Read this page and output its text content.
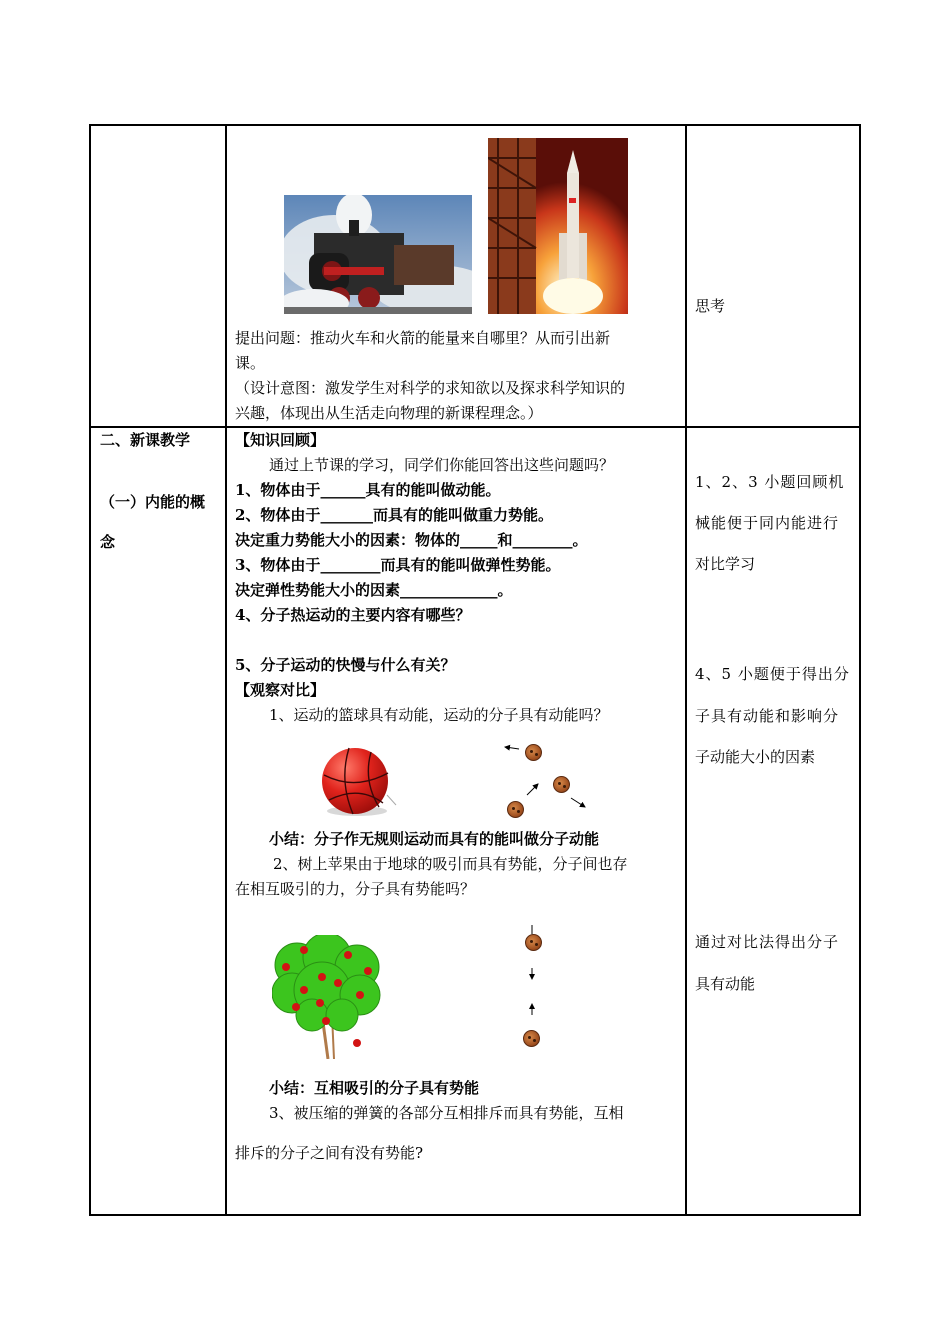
提出问题：推动火车和火箭的能量来自哪里？从而引出新
课。
（设计意图：激发学生对科学的求知欲以及探求科学知识的
兴趣，体现出从生活走向物理的新课程理念。）
思考
二、新课教学
（一）内能的概
念
【知识回顾】
通过上节课的学习，同学们你能回答出这些问题吗？
1、物体由于______具有的能叫做动能。
2、物体由于_______而具有的能叫做重力势能。
决定重力势能大小的因素：物体的_____和________。
3、物体由于________而具有的能叫做弹性势能。
决定弹性势能大小的因素_____________。
4、分子热运动的主要内容有哪些？
5、分子运动的快慢与什么有关？
【观察对比】
1、运动的篮球具有动能，运动的分子具有动能吗？
小结：分子作无规则运动而具有的能叫做分子动能
2、树上苹果由于地球的吸引而具有势能，分子间也存
在相互吸引的力，分子具有势能吗？
小结：互相吸引的分子具有势能
3、被压缩的弹簧的各部分互相排斥而具有势能，互相
排斥的分子之间有没有势能?
1、2、3 小题回顾机
械能便于同内能进行
对比学习
4、5 小题便于得出分
子具有动能和影响分
子动能大小的因素
通过对比法得出分子
具有动能
